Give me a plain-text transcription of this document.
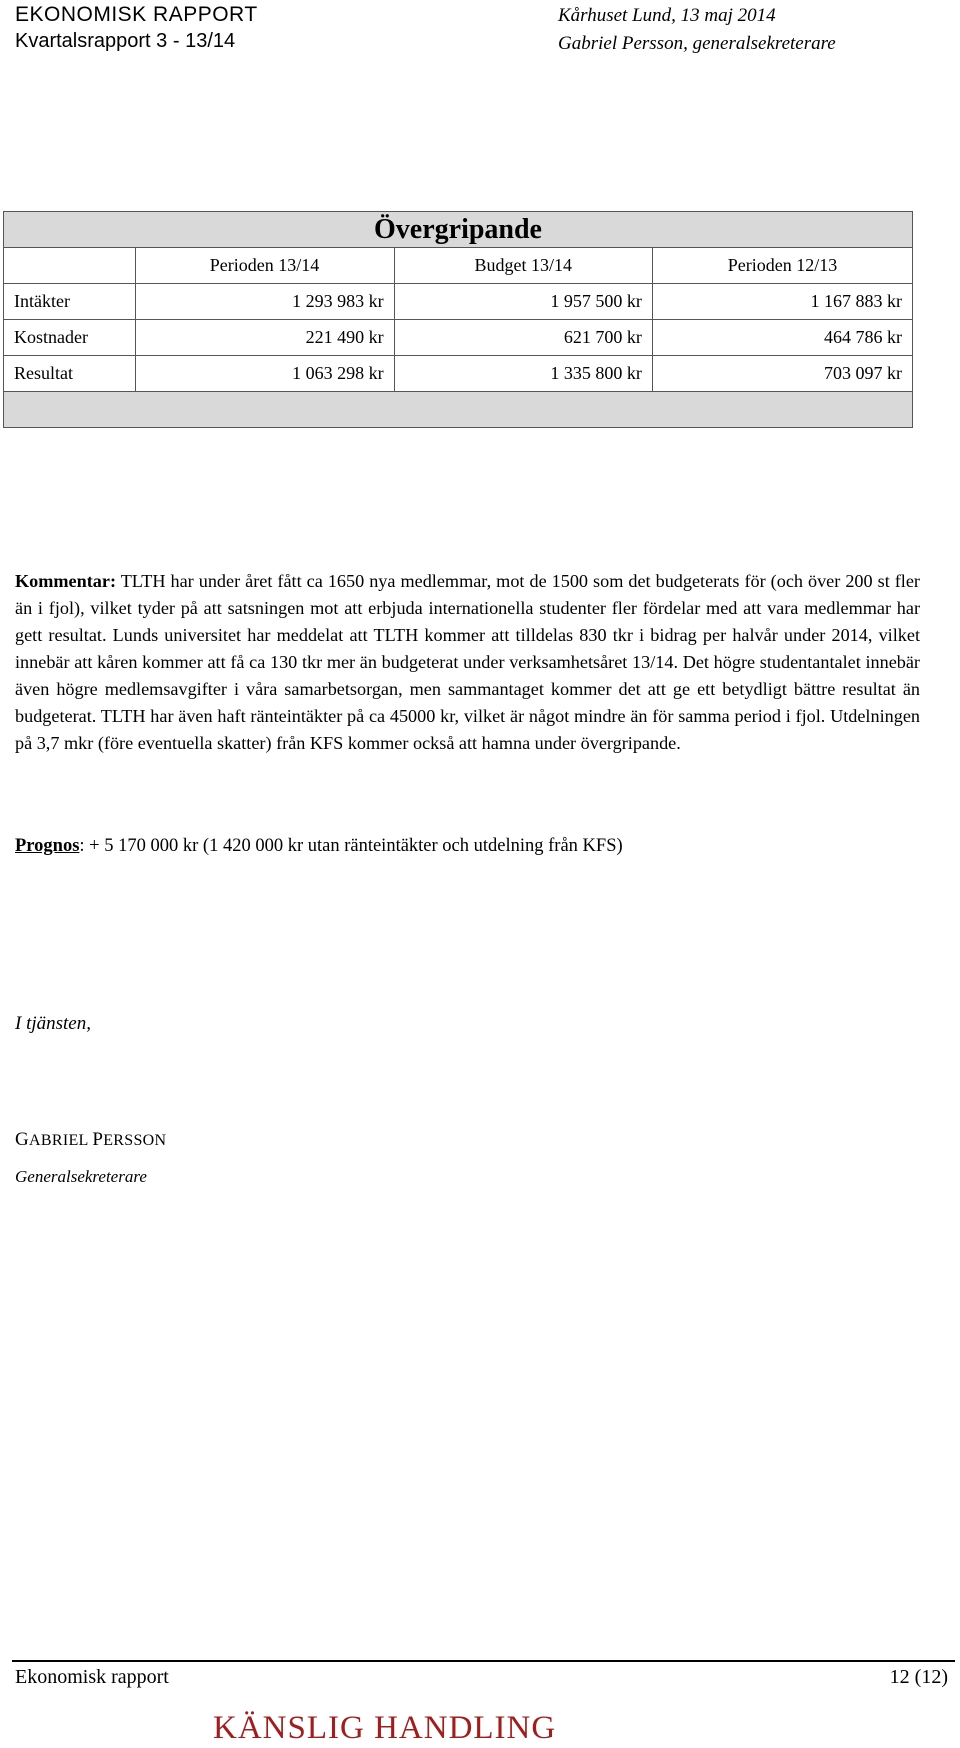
EKONOMISK RAPPORT
Kvartalsrapport 3 - 13/14
Kårhuset Lund, 13 maj 2014
Gabriel Persson, generalsekreterare
Övergripande			
	Perioden 13/14	Budget 13/14	Perioden 12/13
Intäkter	1 293 983 kr	1 957 500 kr	1 167 883 kr
Kostnader	221 490 kr	621 700 kr	464 786 kr
Resultat	1 063 298 kr	1 335 800 kr	703 097 kr

Kommentar: TLTH har under året fått ca 1650 nya medlemmar, mot de 1500 som det budgeterats för (och över 200 st fler än i fjol), vilket tyder på att satsningen mot att erbjuda internationella studenter fler fördelar med att vara medlemmar har gett resultat. Lunds universitet har meddelat att TLTH kommer att tilldelas 830 tkr i bidrag per halvår under 2014, vilket innebär att kåren kommer att få ca 130 tkr mer än budgeterat under verksamhetsåret 13/14. Det högre studentantalet innebär även högre medlemsavgifter i våra samarbetsorgan, men sammantaget kommer det att ge ett betydligt bättre resultat än budgeterat. TLTH har även haft ränteintäkter på ca 45000 kr, vilket är något mindre än för samma period i fjol. Utdelningen på 3,7 mkr (före eventuella skatter) från KFS kommer också att hamna under övergripande.
Prognos: + 5 170 000 kr (1 420 000 kr utan ränteintäkter och utdelning från KFS)
I tjänsten,
GABRIEL PERSSON
Generalsekreterare
Ekonomisk rapport	12 (12)
KÄNSLIG HANDLING
